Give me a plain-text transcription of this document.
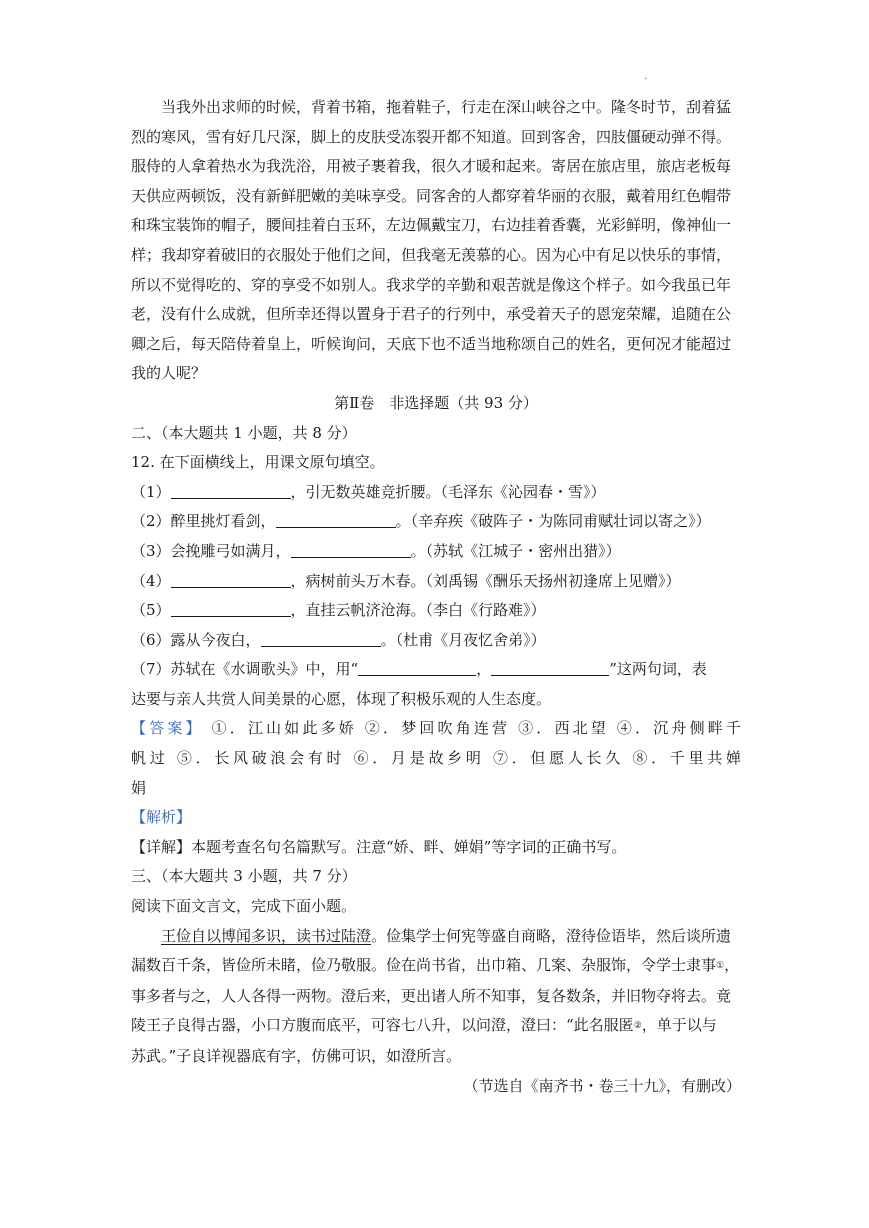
·

当我外出求师的时候，背着书箱，拖着鞋子，行走在深山峡谷之中。隆冬时节，刮着猛

烈的寒风，雪有好几尺深，脚上的皮肤受冻裂开都不知道。回到客舍，四肢僵硬动弹不得。

服侍的人拿着热水为我洗浴，用被子裹着我，很久才暖和起来。寄居在旅店里，旅店老板每

天供应两顿饭，没有新鲜肥嫩的美味享受。同客舍的人都穿着华丽的衣服，戴着用红色帽带

和珠宝装饰的帽子，腰间挂着白玉环，左边佩戴宝刀，右边挂着香囊，光彩鲜明，像神仙一

样；我却穿着破旧的衣服处于他们之间，但我毫无羡慕的心。因为心中有足以快乐的事情，

所以不觉得吃的、穿的享受不如别人。我求学的辛勤和艰苦就是像这个样子。如今我虽已年

老，没有什么成就，但所幸还得以置身于君子的行列中，承受着天子的恩宠荣耀，追随在公

卿之后，每天陪侍着皇上，听候询问，天底下也不适当地称颂自己的姓名，更何况才能超过

我的人呢？

第Ⅱ卷　非选择题（共 93 分）

二、（本大题共 1 小题，共 8 分）

12. 在下面横线上，用课文原句填空。

（1）	，引无数英雄竞折腰。（毛泽东《沁园春・雪》）

（2）醉里挑灯看剑，	。（辛弃疾《破阵子・为陈同甫赋壮词以寄之》）

（3）会挽雕弓如满月，	。（苏轼《江城子・密州出猎》）

（4）	，病树前头万木春。（刘禹锡《酬乐天扬州初逢席上见赠》）

（5）	，直挂云帆济沧海。（李白《行路难》）

（6）露从今夜白，	。（杜甫《月夜忆舍弟》）

（7）苏轼在《水调歌头》中，用“	，	”这两句词，表

达要与亲人共赏人间美景的心愿，体现了积极乐观的人生态度。

【答案】 ①．江山如此多娇 ②．梦回吹角连营 ③．西北望 ④．沉舟侧畔千

帆过 ⑤．长风破浪会有时 ⑥．月是故乡明 ⑦．但愿人长久 ⑧．千里共婵

娟

【解析】

【详解】本题考查名句名篇默写。注意“娇、畔、婵娟”等字词的正确书写。

三、（本大题共 3 小题，共 7 分）

阅读下面文言文，完成下面小题。

王俭自以博闻多识，读书过陆澄。俭集学士何宪等盛自商略，澄待俭语毕，然后谈所遗

漏数百千条，皆俭所未睹，俭乃敬服。俭在尚书省，出巾箱、几案、杂服饰，令学士隶事①，

事多者与之，人人各得一两物。澄后来，更出诸人所不知事，复各数条，并旧物夺将去。竟

陵王子良得古器，小口方腹而底平，可容七八升，以问澄，澄曰：“此名服匿②，单于以与

苏武。”子良详视器底有字，仿佛可识，如澄所言。

（节选自《南齐书・卷三十九》，有删改）
